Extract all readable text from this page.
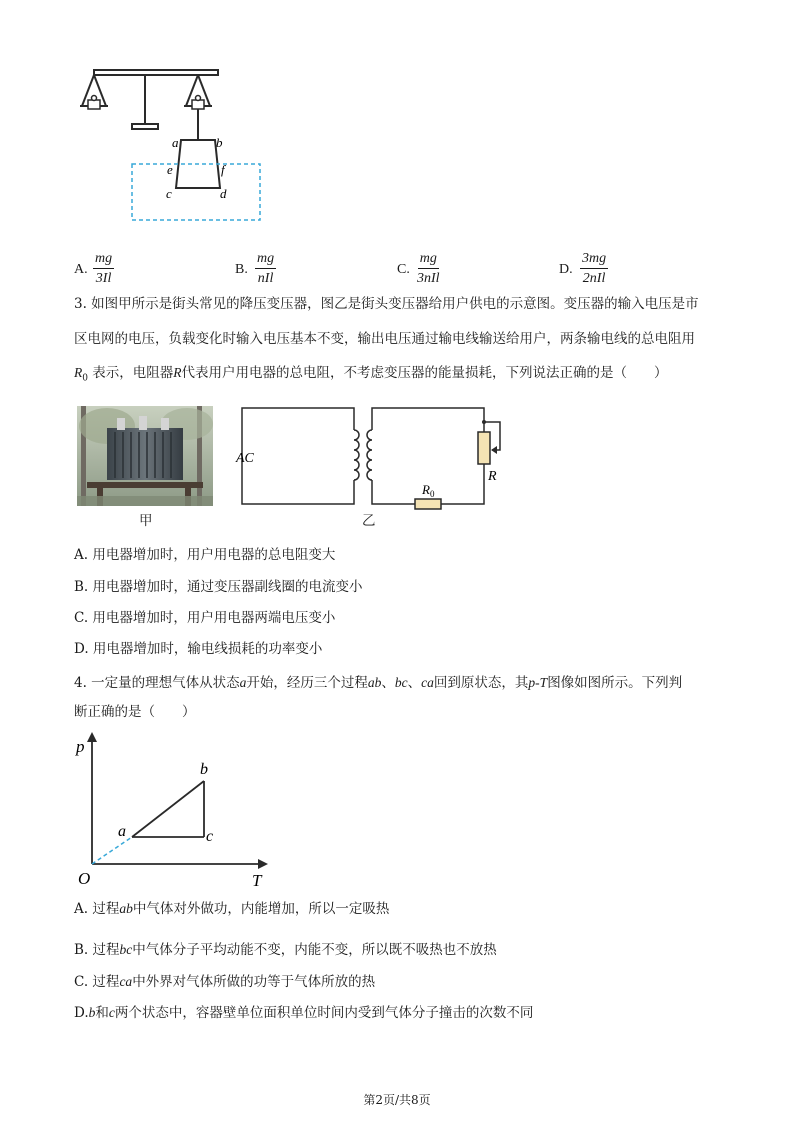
a	b
e	f
c	d
A. $\frac{mg}{3Il}$	B.
mg
nIl
C.
mg
3nIl
D.
3mg
2nIl
3. 如图甲所示是街头常见的降压变压器，图乙是街头变压器给用户供电的示意图。变压器的输入电压是市
区电网的电压，负载变化时输入电压基本不变，输出电压通过输电线输送给用户，两条输电线的总电阻用
$R_0$ 表示，电阻器R代表用户用电器的总电阻，不考虑变压器的能量损耗，下列说法正确的是（　　）
甲
AC
R
$R_0$
乙
A. 用电器增加时，用户用电器的总电阻变大
B. 用电器增加时，通过变压器副线圈的电流变小
C. 用电器增加时，用户用电器两端电压变小
D. 用电器增加时，输电线损耗的功率变小
4. 一定量的理想气体从状态a开始，经历三个过程ab、bc、ca回到原状态，其p-T图像如图所示。下列判
断正确的是（　　）
p
T
O
a
b
c
A. 过程ab中气体对外做功，内能增加，所以一定吸热
B. 过程bc中气体分子平均动能不变，内能不变，所以既不吸热也不放热
C. 过程ca中外界对气体所做的功等于气体所放的热
D.b和c两个状态中，容器壁单位面积单位时间内受到气体分子撞击的次数不同
第2页/共8页
